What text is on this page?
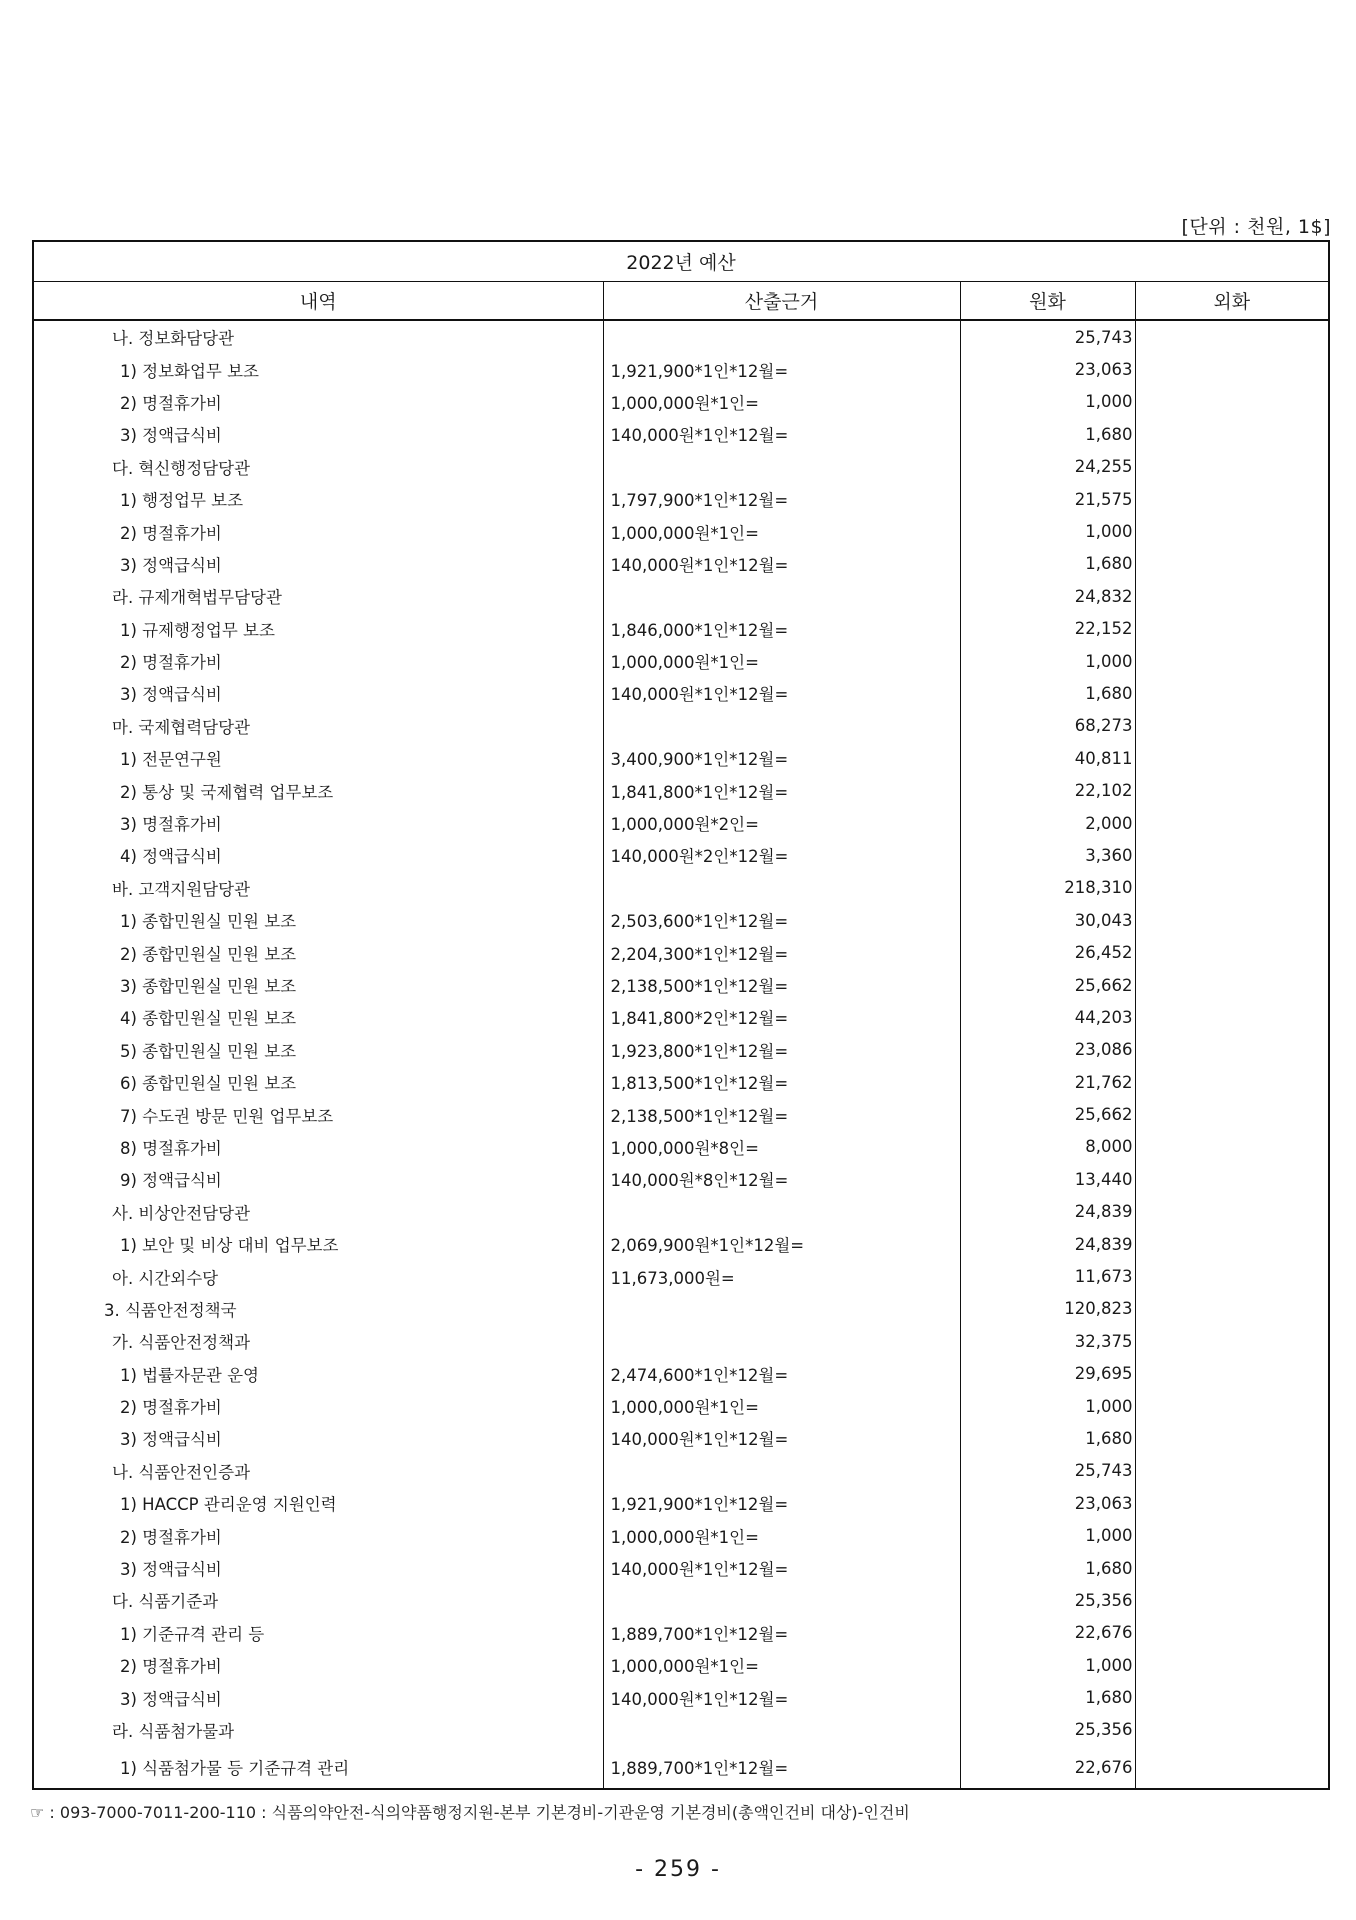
[단위 : 천원, 1$]
2022년 예산			
내역	산출근거	원화	외화
나. 정보화담당관		25,743	
1) 정보화업무 보조	1,921,900*1인*12월=	23,063	
2) 명절휴가비	1,000,000원*1인=	1,000	
3) 정액급식비	140,000원*1인*12월=	1,680	
다. 혁신행정담당관		24,255	
1) 행정업무 보조	1,797,900*1인*12월=	21,575	
2) 명절휴가비	1,000,000원*1인=	1,000	
3) 정액급식비	140,000원*1인*12월=	1,680	
라. 규제개혁법무담당관		24,832	
1) 규제행정업무 보조	1,846,000*1인*12월=	22,152	
2) 명절휴가비	1,000,000원*1인=	1,000	
3) 정액급식비	140,000원*1인*12월=	1,680	
마. 국제협력담당관		68,273	
1) 전문연구원	3,400,900*1인*12월=	40,811	
2) 통상 및 국제협력 업무보조	1,841,800*1인*12월=	22,102	
3) 명절휴가비	1,000,000원*2인=	2,000	
4) 정액급식비	140,000원*2인*12월=	3,360	
바. 고객지원담당관		218,310	
1) 종합민원실 민원 보조	2,503,600*1인*12월=	30,043	
2) 종합민원실 민원 보조	2,204,300*1인*12월=	26,452	
3) 종합민원실 민원 보조	2,138,500*1인*12월=	25,662	
4) 종합민원실 민원 보조	1,841,800*2인*12월=	44,203	
5) 종합민원실 민원 보조	1,923,800*1인*12월=	23,086	
6) 종합민원실 민원 보조	1,813,500*1인*12월=	21,762	
7) 수도권 방문 민원 업무보조	2,138,500*1인*12월=	25,662	
8) 명절휴가비	1,000,000원*8인=	8,000	
9) 정액급식비	140,000원*8인*12월=	13,440	
사. 비상안전담당관		24,839	
1) 보안 및 비상 대비 업무보조	2,069,900원*1인*12월=	24,839	
아. 시간외수당	11,673,000원=	11,673	
3. 식품안전정책국		120,823	
가. 식품안전정책과		32,375	
1) 법률자문관 운영	2,474,600*1인*12월=	29,695	
2) 명절휴가비	1,000,000원*1인=	1,000	
3) 정액급식비	140,000원*1인*12월=	1,680	
나. 식품안전인증과		25,743	
1) HACCP 관리운영 지원인력	1,921,900*1인*12월=	23,063	
2) 명절휴가비	1,000,000원*1인=	1,000	
3) 정액급식비	140,000원*1인*12월=	1,680	
다. 식품기준과		25,356	
1) 기준규격 관리 등	1,889,700*1인*12월=	22,676	
2) 명절휴가비	1,000,000원*1인=	1,000	
3) 정액급식비	140,000원*1인*12월=	1,680	
라. 식품첨가물과		25,356	
1) 식품첨가물 등 기준규격 관리	1,889,700*1인*12월=	22,676	
☞ : 093-7000-7011-200-110 : 식품의약안전-식의약품행정지원-본부 기본경비-기관운영 기본경비(총액인건비 대상)-인건비
- 259 -
